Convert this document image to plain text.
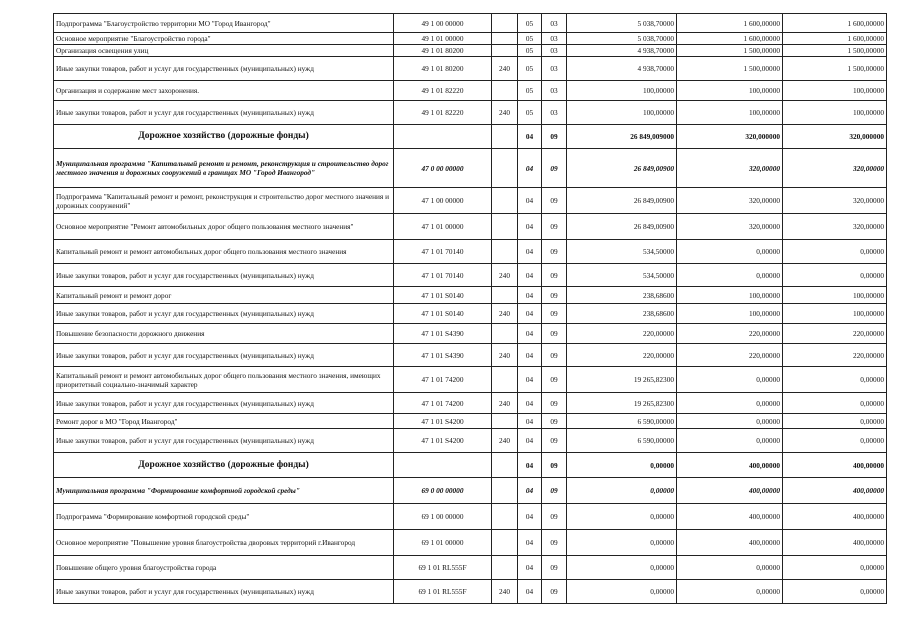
Подпрограмма "Благоустройство территории МО "Город Ивангород"	49 1 00 00000		05	03	5 038,70000	1 600,00000	1 600,00000
Основное мероприятие "Благоустройство города"	49 1 01 00000		05	03	5 038,70000	1 600,00000	1 600,00000
Организация освещения улиц	49 1 01 80200		05	03	4 938,70000	1 500,00000	1 500,00000
Иные закупки товаров, работ и услуг для государственных (муниципальных) нужд	49 1 01 80200	240	05	03	4 938,70000	1 500,00000	1 500,00000
Организация и содержание мест захоронения.	49 1 01 82220		05	03	100,00000	100,00000	100,00000
Иные закупки товаров, работ и услуг для государственных (муниципальных) нужд	49 1 01 82220	240	05	03	100,00000	100,00000	100,00000
Дорожное хозяйство (дорожные фонды)			04	09	26 849,009000	320,000000	320,000000
Муниципальная программа "Капитальный ремонт и ремонт, реконструкция и строительство дорог местного значения и дорожных сооружений в границах МО "Город Ивангород"	47 0 00 00000		04	09	26 849,00900	320,00000	320,00000
Подпрограмма "Капитальный ремонт и ремонт, реконструкция и строительство дорог местного значения и дорожных сооружений"	47 1 00 00000		04	09	26 849,00900	320,00000	320,00000
Основное мероприятие "Ремонт автомобильных дорог общего пользования местного значения"	47 1 01 00000		04	09	26 849,00900	320,00000	320,00000
Капитальный ремонт и ремонт автомобильных дорог общего пользования местного значения	47 1 01 70140		04	09	534,50000	0,00000	0,00000
Иные закупки товаров, работ и услуг для государственных (муниципальных) нужд	47 1 01 70140	240	04	09	534,50000	0,00000	0,00000
Капитальный ремонт и ремонт дорог	47 1 01 S0140		04	09	238,68600	100,00000	100,00000
Иные закупки товаров, работ и услуг для государственных (муниципальных) нужд	47 1 01 S0140	240	04	09	238,68600	100,00000	100,00000
Повышение безопасности дорожного движения	47 1 01 S4390		04	09	220,00000	220,00000	220,00000
Иные закупки товаров, работ и услуг для государственных (муниципальных) нужд	47 1 01 S4390	240	04	09	220,00000	220,00000	220,00000
Капитальный ремонт и ремонт автомобильных дорог общего пользования местного значения, имеющих приоритетный социально-значимый характер	47 1 01 74200		04	09	19 265,82300	0,00000	0,00000
Иные закупки товаров, работ и услуг для государственных (муниципальных) нужд	47 1 01 74200	240	04	09	19 265,82300	0,00000	0,00000
Ремонт дорог в МО "Город Ивангород"	47 1 01 S4200		04	09	6 590,00000	0,00000	0,00000
Иные закупки товаров, работ и услуг для государственных (муниципальных) нужд	47 1 01 S4200	240	04	09	6 590,00000	0,00000	0,00000
Дорожное хозяйство (дорожные фонды)			04	09	0,00000	400,00000	400,00000
Муниципальная программа "Формирование комфортной городской среды"	69 0 00 00000		04	09	0,00000	400,00000	400,00000
Подпрограмма "Формирование комфортной городской среды"	69 1 00 00000		04	09	0,00000	400,00000	400,00000
Основное мероприятие "Повышение уровня благоустройства дворовых территорий г.Ивангород	69 1 01 00000		04	09	0,00000	400,00000	400,00000
Повышение общего уровня благоустройства города	69 1 01 RL555F		04	09	0,00000	0,00000	0,00000
Иные закупки товаров, работ и услуг для государственных (муниципальных) нужд	69 1 01 RL555F	240	04	09	0,00000	0,00000	0,00000
